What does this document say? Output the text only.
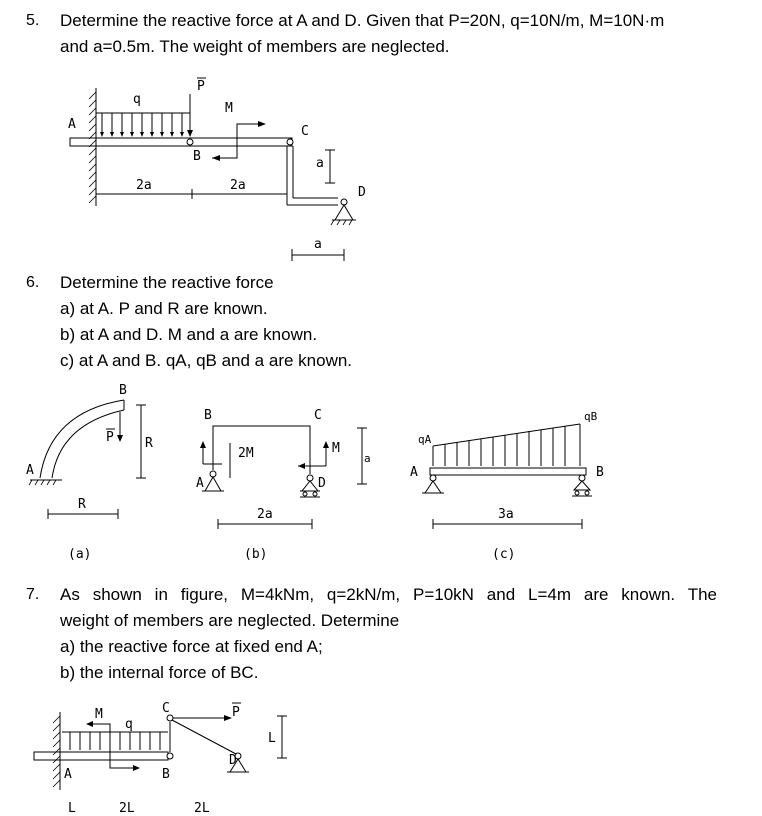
5. Determine the reactive force at A and D. Given that P=20N, q=10N/m, M=10N·m
and a=0.5m. The weight of members are neglected.
q
P
M
A
B
C
a
D
2a	2a
a
6. Determine the reactive force
a) at A. P and R are known.
b) at A and D. M and a are known.
c) at A and B. qA, qB and a are known.
B
P R
A
R
(a)
B	C
2M	M
a
A	D
2a
(b)
qA
qB
A	B
3a
(c)
7. As shown in figure, M=4kNm, q=2kN/m, P=10kN and L=4m are known. The
weight of members are neglected. Determine
a) the reactive force at fixed end A;
b) the internal force of BC.
M
q
C	P
L
A	B
D
L	2L	2L
